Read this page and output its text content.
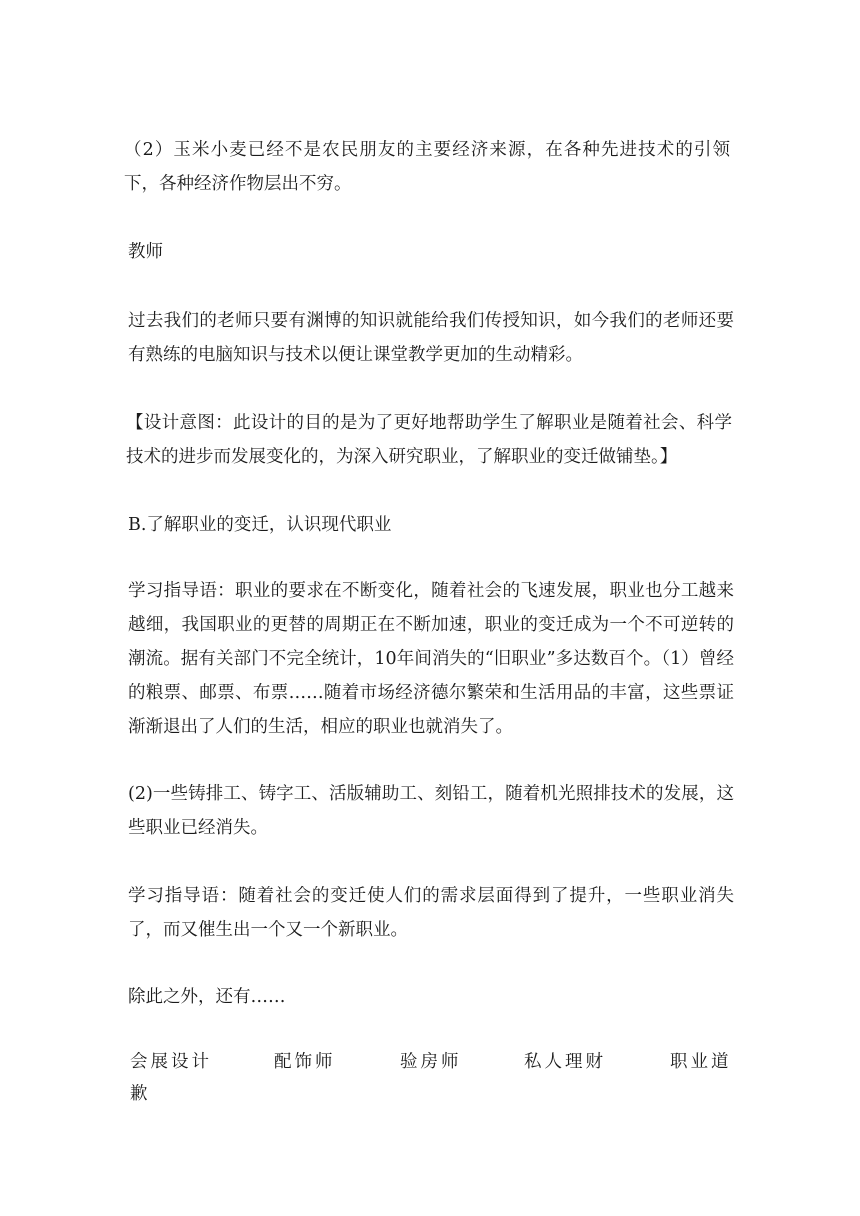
（2）玉米小麦已经不是农民朋友的主要经济来源，在各种先进技术的引领下，各种经济作物层出不穷。
教师
过去我们的老师只要有渊博的知识就能给我们传授知识，如今我们的老师还要有熟练的电脑知识与技术以便让课堂教学更加的生动精彩。
【设计意图：此设计的目的是为了更好地帮助学生了解职业是随着社会、科学技术的进步而发展变化的，为深入研究职业，了解职业的变迁做铺垫。】
B.了解职业的变迁，认识现代职业
学习指导语：职业的要求在不断变化，随着社会的飞速发展，职业也分工越来越细，我国职业的更替的周期正在不断加速，职业的变迁成为一个不可逆转的潮流。据有关部门不完全统计，10年间消失的“旧职业”多达数百个。（1）曾经的粮票、邮票、布票……随着市场经济德尔繁荣和生活用品的丰富，这些票证渐渐退出了人们的生活，相应的职业也就消失了。
(2)一些铸排工、铸字工、活版辅助工、刻铅工，随着机光照排技术的发展，这些职业已经消失。
学习指导语：随着社会的变迁使人们的需求层面得到了提升，一些职业消失了，而又催生出一个又一个新职业。
除此之外，还有……
会展设计	配饰师	验房师	私人理财	职业道
歉
